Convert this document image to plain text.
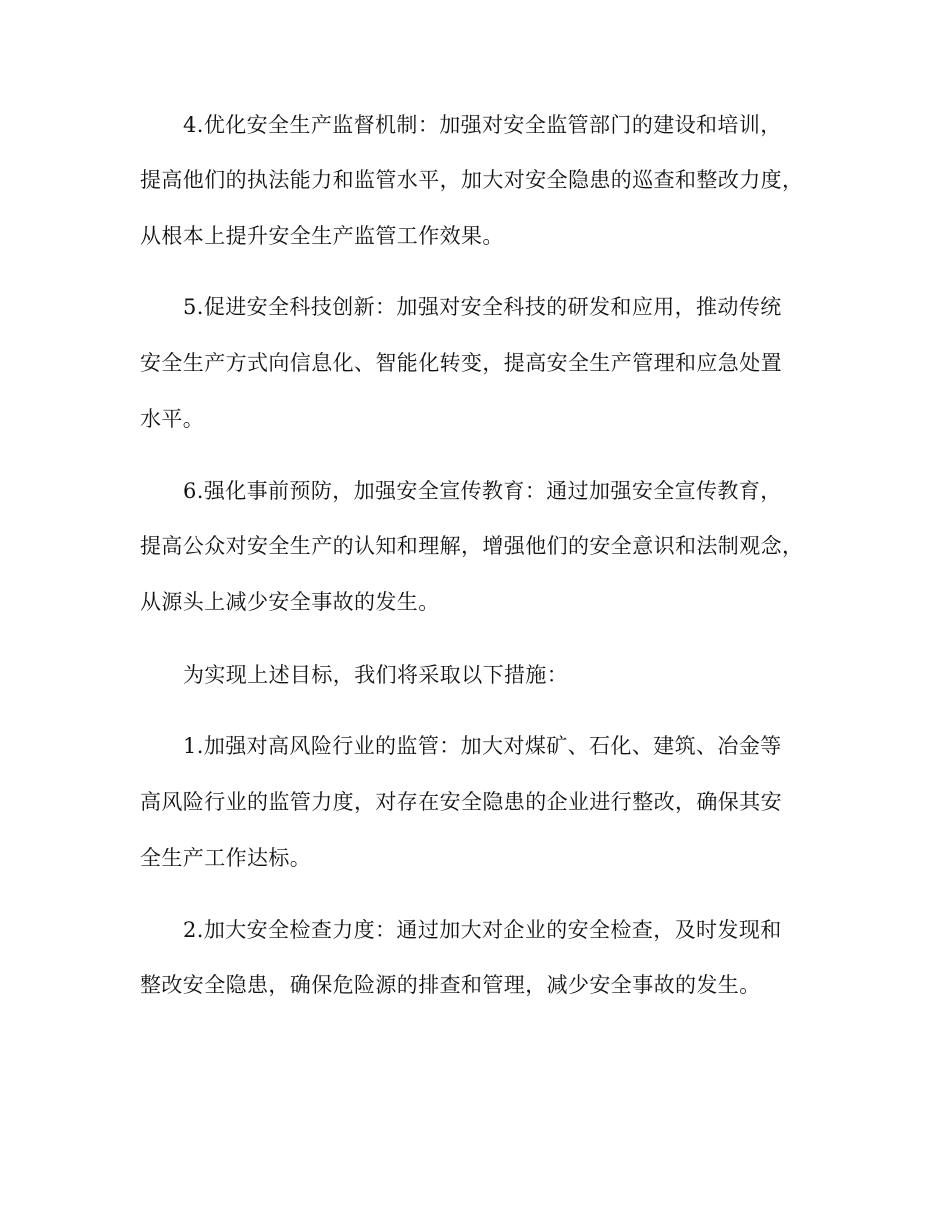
4.优化安全生产监督机制：加强对安全监管部门的建设和培训，
提高他们的执法能力和监管水平，加大对安全隐患的巡查和整改力度，
从根本上提升安全生产监管工作效果。
5.促进安全科技创新：加强对安全科技的研发和应用，推动传统
安全生产方式向信息化、智能化转变，提高安全生产管理和应急处置
水平。
6.强化事前预防，加强安全宣传教育：通过加强安全宣传教育，
提高公众对安全生产的认知和理解，增强他们的安全意识和法制观念，
从源头上减少安全事故的发生。
为实现上述目标，我们将采取以下措施：
1.加强对高风险行业的监管：加大对煤矿、石化、建筑、冶金等
高风险行业的监管力度，对存在安全隐患的企业进行整改，确保其安
全生产工作达标。
2.加大安全检查力度：通过加大对企业的安全检查，及时发现和
整改安全隐患，确保危险源的排查和管理，减少安全事故的发生。
